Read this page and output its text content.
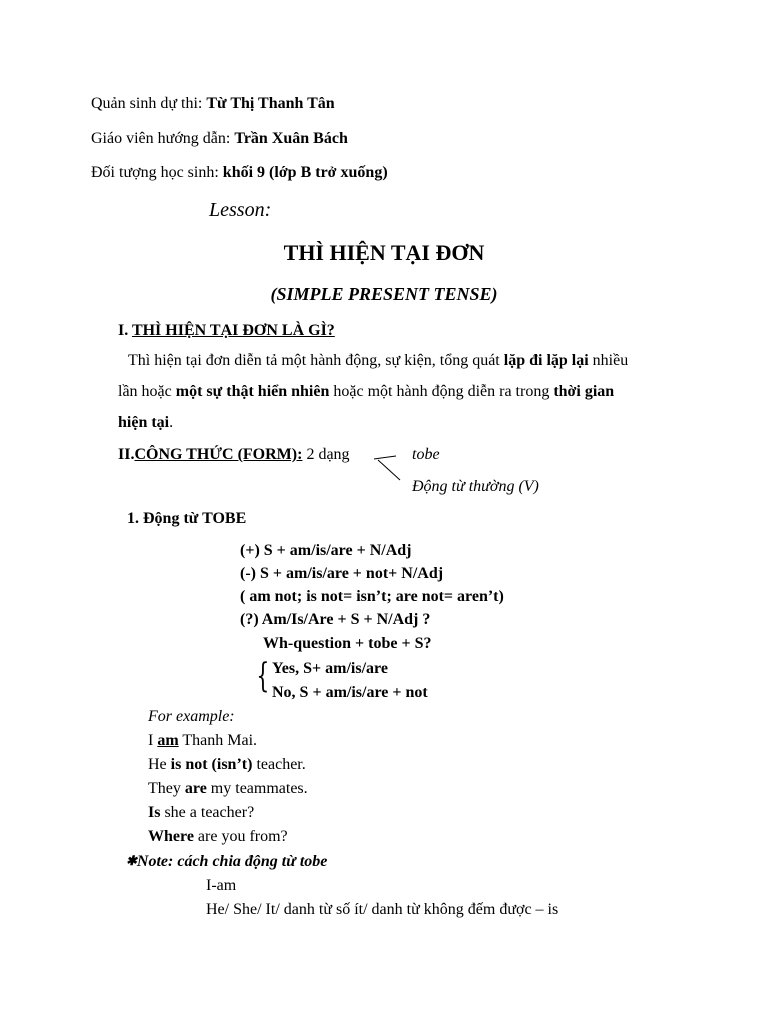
Quản sinh dự thi: Từ Thị Thanh Tân
Giáo viên hướng dẫn: Trần Xuân Bách
Đối tượng học sinh: khối 9 (lớp B trở xuống)
Lesson:
THÌ HIỆN TẠI ĐƠN
(SIMPLE PRESENT TENSE)
I. THÌ HIỆN TẠI ĐƠN LÀ GÌ?
Thì hiện tại đơn diễn tả một hành động, sự kiện, tổng quát lặp đi lặp lại nhiều
lần hoặc một sự thật hiển nhiên hoặc một hành động diễn ra trong thời gian
hiện tại.
II.CÔNG THỨC (FORM): 2 dạng	tobe
Động từ thường (V)
1. Động từ TOBE
(+) S + am/is/are + N/Adj
(-) S + am/is/are + not+ N/Adj
( am not; is not= isn’t; are not= aren’t)
(?) Am/Is/Are + S + N/Adj ?
Wh-question + tobe + S?
{ Yes, S+ am/is/are
No, S + am/is/are + not
For example:
I am Thanh Mai.
He is not (isn’t) teacher.
They are my teammates.
Is she a teacher?
Where are you from?
✱Note: cách chia động từ tobe
I-am
He/ She/ It/ danh từ số ít/ danh từ không đếm được – is
